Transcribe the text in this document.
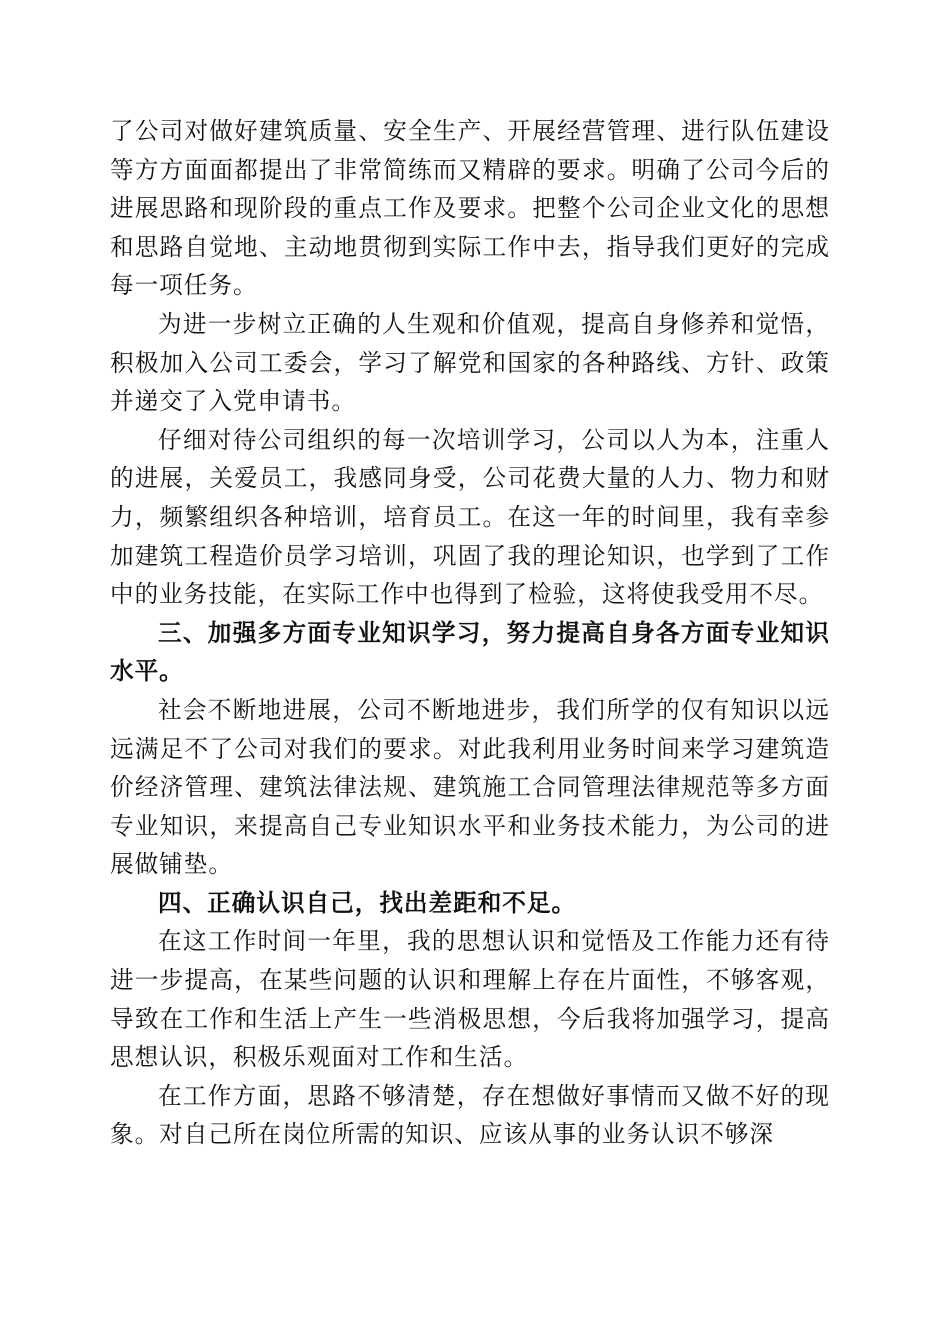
了公司对做好建筑质量、安全生产、开展经营管理、进行队伍建设等方方面面都提出了非常简练而又精辟的要求。明确了公司今后的进展思路和现阶段的重点工作及要求。把整个公司企业文化的思想和思路自觉地、主动地贯彻到实际工作中去，指导我们更好的完成每一项任务。

为进一步树立正确的人生观和价值观，提高自身修养和觉悟，积极加入公司工委会，学习了解党和国家的各种路线、方针、政策并递交了入党申请书。

仔细对待公司组织的每一次培训学习，公司以人为本，注重人的进展，关爱员工，我感同身受，公司花费大量的人力、物力和财力，频繁组织各种培训，培育员工。在这一年的时间里，我有幸参加建筑工程造价员学习培训，巩固了我的理论知识，也学到了工作中的业务技能，在实际工作中也得到了检验，这将使我受用不尽。

三、加强多方面专业知识学习，努力提高自身各方面专业知识水平。

社会不断地进展，公司不断地进步，我们所学的仅有知识以远远满足不了公司对我们的要求。对此我利用业务时间来学习建筑造价经济管理、建筑法律法规、建筑施工合同管理法律规范等多方面专业知识，来提高自己专业知识水平和业务技术能力，为公司的进展做铺垫。

四、正确认识自己，找出差距和不足。

在这工作时间一年里，我的思想认识和觉悟及工作能力还有待进一步提高，在某些问题的认识和理解上存在片面性，不够客观，导致在工作和生活上产生一些消极思想，今后我将加强学习，提高思想认识，积极乐观面对工作和生活。

在工作方面，思路不够清楚，存在想做好事情而又做不好的现象。对自己所在岗位所需的知识、应该从事的业务认识不够深
